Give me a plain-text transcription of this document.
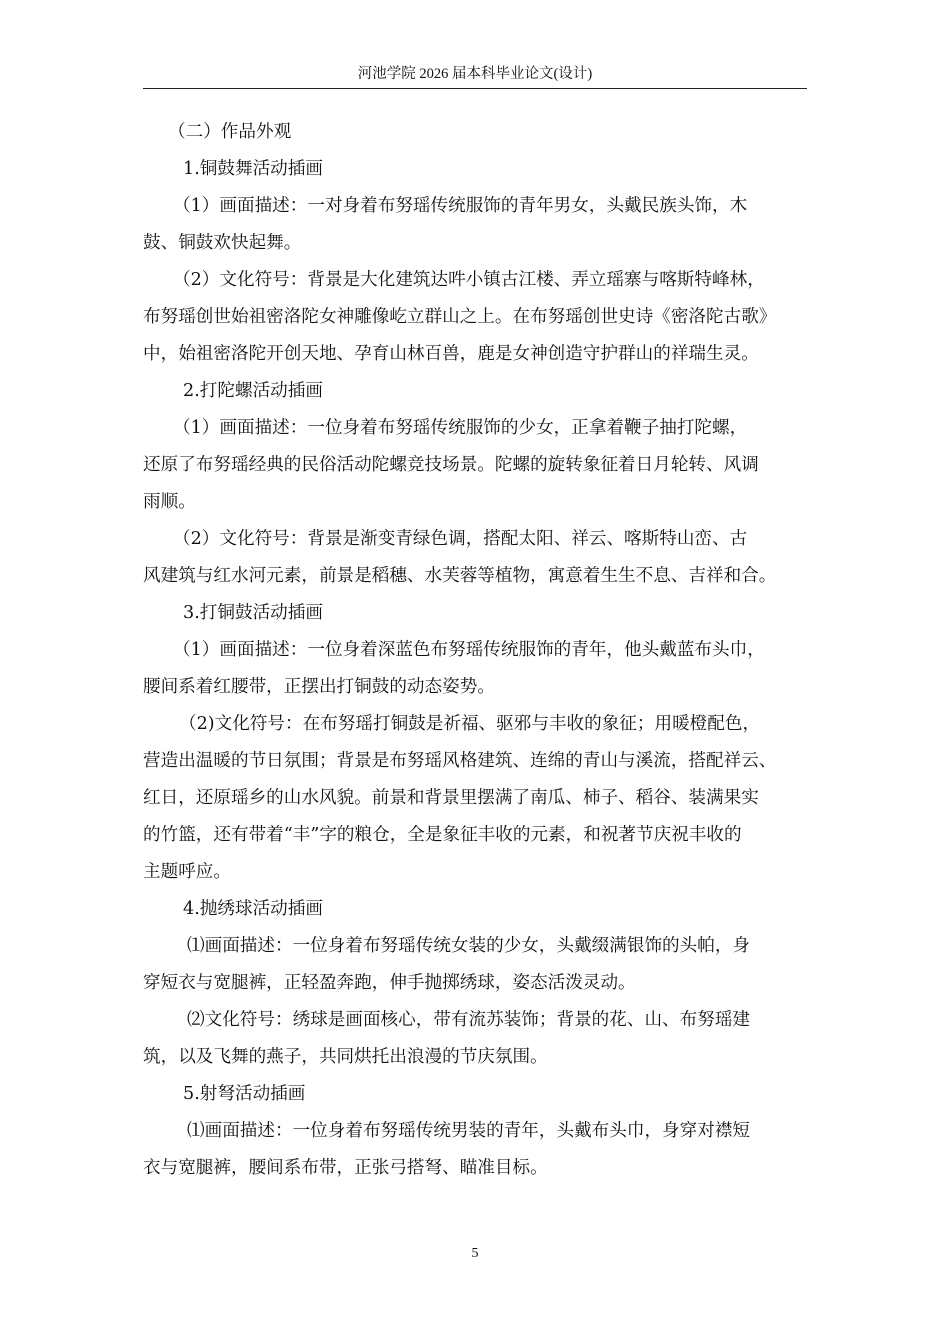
河池学院 2026 届本科毕业论文(设计)

（二）作品外观

1.铜鼓舞活动插画

（1）画面描述：一对身着布努瑶传统服饰的青年男女，头戴民族头饰，木
鼓、铜鼓欢快起舞。

（2）文化符号：背景是大化建筑达吽小镇古江楼、弄立瑶寨与喀斯特峰林，
布努瑶创世始祖密洛陀女神雕像屹立群山之上。在布努瑶创世史诗《密洛陀古歌》
中，始祖密洛陀开创天地、孕育山林百兽，鹿是女神创造守护群山的祥瑞生灵。

2.打陀螺活动插画

（1）画面描述：一位身着布努瑶传统服饰的少女，正拿着鞭子抽打陀螺，
还原了布努瑶经典的民俗活动陀螺竞技场景。陀螺的旋转象征着日月轮转、风调
雨顺。

（2）文化符号：背景是渐变青绿色调，搭配太阳、祥云、喀斯特山峦、古
风建筑与红水河元素，前景是稻穗、水芙蓉等植物，寓意着生生不息、吉祥和合。

3.打铜鼓活动插画

（1）画面描述：一位身着深蓝色布努瑶传统服饰的青年，他头戴蓝布头巾，
腰间系着红腰带，正摆出打铜鼓的动态姿势。

（2)文化符号：在布努瑶打铜鼓是祈福、驱邪与丰收的象征；用暖橙配色，
营造出温暖的节日氛围；背景是布努瑶风格建筑、连绵的青山与溪流，搭配祥云、
红日，还原瑶乡的山水风貌。前景和背景里摆满了南瓜、柿子、稻谷、装满果实
的竹篮，还有带着“丰”字的粮仓，全是象征丰收的元素，和祝著节庆祝丰收的
主题呼应。

4.抛绣球活动插画

⑴画面描述：一位身着布努瑶传统女装的少女，头戴缀满银饰的头帕，身
穿短衣与宽腿裤，正轻盈奔跑，伸手抛掷绣球，姿态活泼灵动。

⑵文化符号：绣球是画面核心，带有流苏装饰；背景的花、山、布努瑶建
筑，以及飞舞的燕子，共同烘托出浪漫的节庆氛围。

5.射弩活动插画

⑴画面描述：一位身着布努瑶传统男装的青年，头戴布头巾，身穿对襟短
衣与宽腿裤，腰间系布带，正张弓搭弩、瞄准目标。

5
